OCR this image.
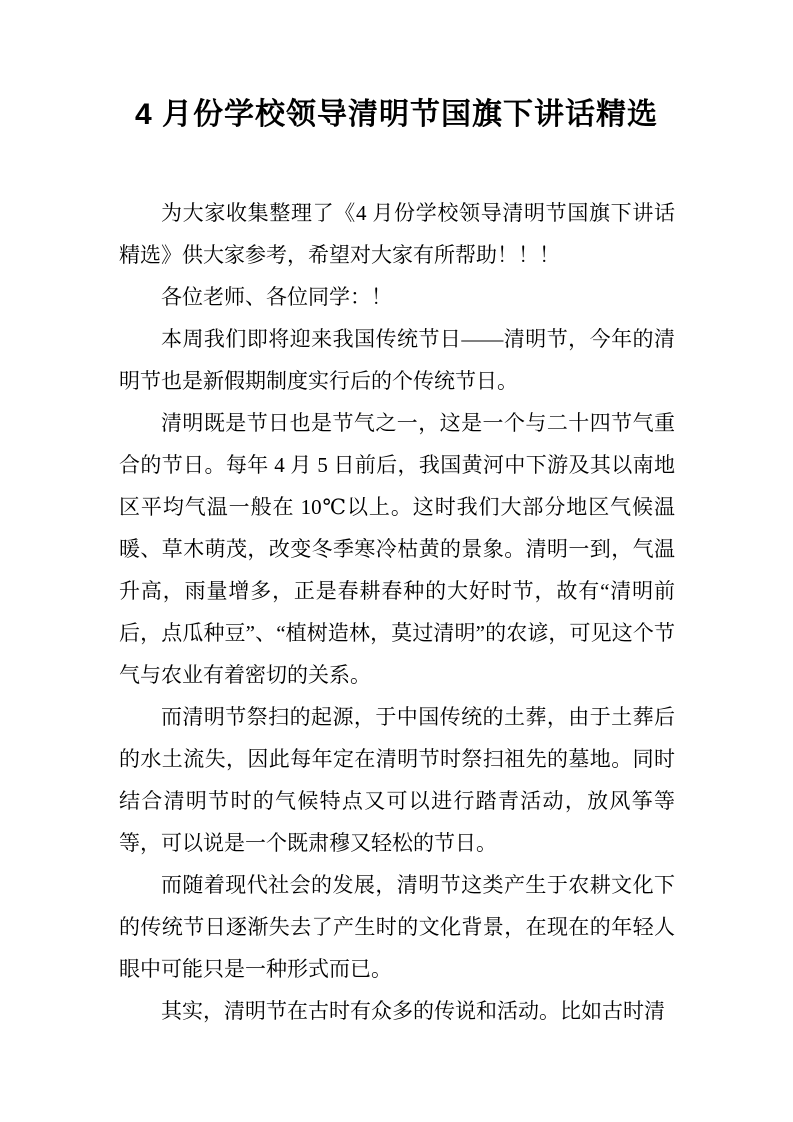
4 月份学校领导清明节国旗下讲话精选

为大家收集整理了《4 月份学校领导清明节国旗下讲话精选》供大家参考，希望对大家有所帮助！！！

各位老师、各位同学：！

本周我们即将迎来我国传统节日——清明节，今年的清明节也是新假期制度实行后的个传统节日。

清明既是节日也是节气之一，这是一个与二十四节气重合的节日。每年 4 月 5 日前后，我国黄河中下游及其以南地区平均气温一般在 10℃以上。这时我们大部分地区气候温暖、草木萌茂，改变冬季寒冷枯黄的景象。清明一到，气温升高，雨量增多，正是春耕春种的大好时节，故有“清明前后，点瓜种豆”、“植树造林，莫过清明”的农谚，可见这个节气与农业有着密切的关系。

而清明节祭扫的起源，于中国传统的土葬，由于土葬后的水土流失，因此每年定在清明节时祭扫祖先的墓地。同时结合清明节时的气候特点又可以进行踏青活动，放风筝等等，可以说是一个既肃穆又轻松的节日。

而随着现代社会的发展，清明节这类产生于农耕文化下的传统节日逐渐失去了产生时的文化背景，在现在的年轻人眼中可能只是一种形式而已。

其实，清明节在古时有众多的传说和活动。比如古时清
